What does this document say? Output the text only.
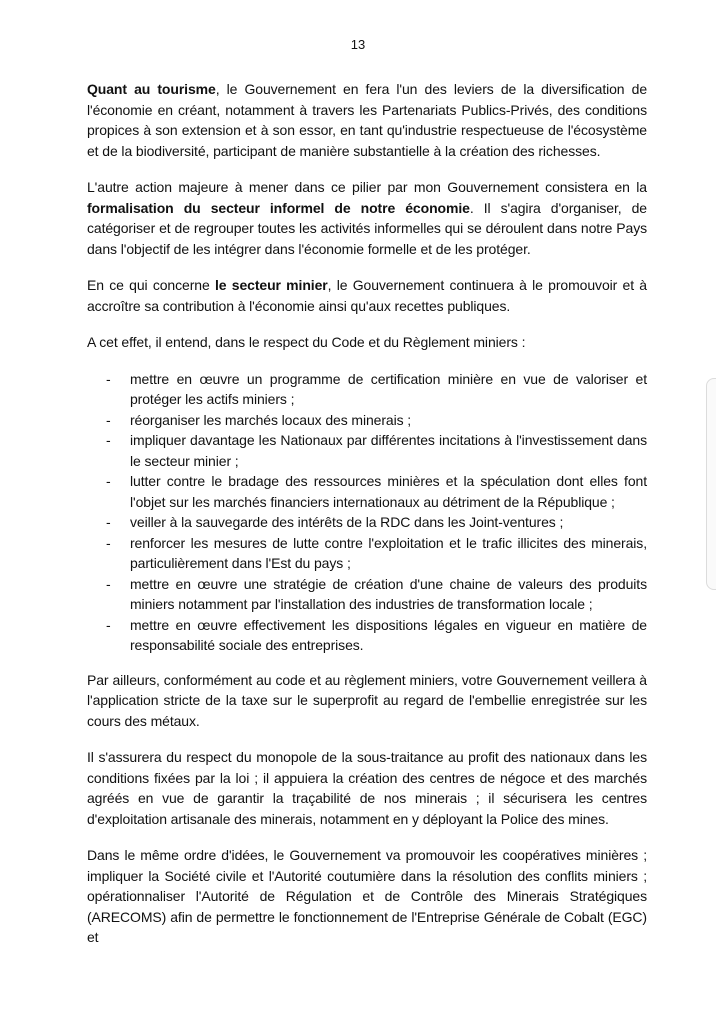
13

Quant au tourisme, le Gouvernement en fera l'un des leviers de la diversification de l'économie en créant, notamment à travers les Partenariats Publics-Privés, des conditions propices à son extension et à son essor, en tant qu'industrie respectueuse de l'écosystème et de la biodiversité, participant de manière substantielle à la création des richesses.

L'autre action majeure à mener dans ce pilier par mon Gouvernement consistera en la formalisation du secteur informel de notre économie. Il s'agira d'organiser, de catégoriser et de regrouper toutes les activités informelles qui se déroulent dans notre Pays dans l'objectif de les intégrer dans l'économie formelle et de les protéger.

En ce qui concerne le secteur minier, le Gouvernement continuera à le promouvoir et à accroître sa contribution à l'économie ainsi qu'aux recettes publiques.

A cet effet, il entend, dans le respect du Code et du Règlement miniers :

- mettre en œuvre un programme de certification minière en vue de valoriser et protéger les actifs miniers ;
- réorganiser les marchés locaux des minerais ;
- impliquer davantage les Nationaux par différentes incitations à l'investissement dans le secteur minier ;
- lutter contre le bradage des ressources minières et la spéculation dont elles font l'objet sur les marchés financiers internationaux au détriment de la République ;
- veiller à la sauvegarde des intérêts de la RDC dans les Joint-ventures ;
- renforcer les mesures de lutte contre l'exploitation et le trafic illicites des minerais, particulièrement dans l'Est du pays ;
- mettre en œuvre une stratégie de création d'une chaine de valeurs des produits miniers notamment par l'installation des industries de transformation locale ;
- mettre en œuvre effectivement les dispositions légales en vigueur en matière de responsabilité sociale des entreprises.

Par ailleurs, conformément au code et au règlement miniers, votre Gouvernement veillera à l'application stricte de la taxe sur le superprofit au regard de l'embellie enregistrée sur les cours des métaux.

Il s'assurera du respect du monopole de la sous-traitance au profit des nationaux dans les conditions fixées par la loi ; il appuiera la création des centres de négoce et des marchés agréés en vue de garantir la traçabilité de nos minerais ; il sécurisera les centres d'exploitation artisanale des minerais, notamment en y déployant la Police des mines.

Dans le même ordre d'idées, le Gouvernement va promouvoir les coopératives minières ; impliquer la Société civile et l'Autorité coutumière dans la résolution des conflits miniers ; opérationnaliser l'Autorité de Régulation et de Contrôle des Minerais Stratégiques (ARECOMS) afin de permettre le fonctionnement de l'Entreprise Générale de Cobalt (EGC) et
